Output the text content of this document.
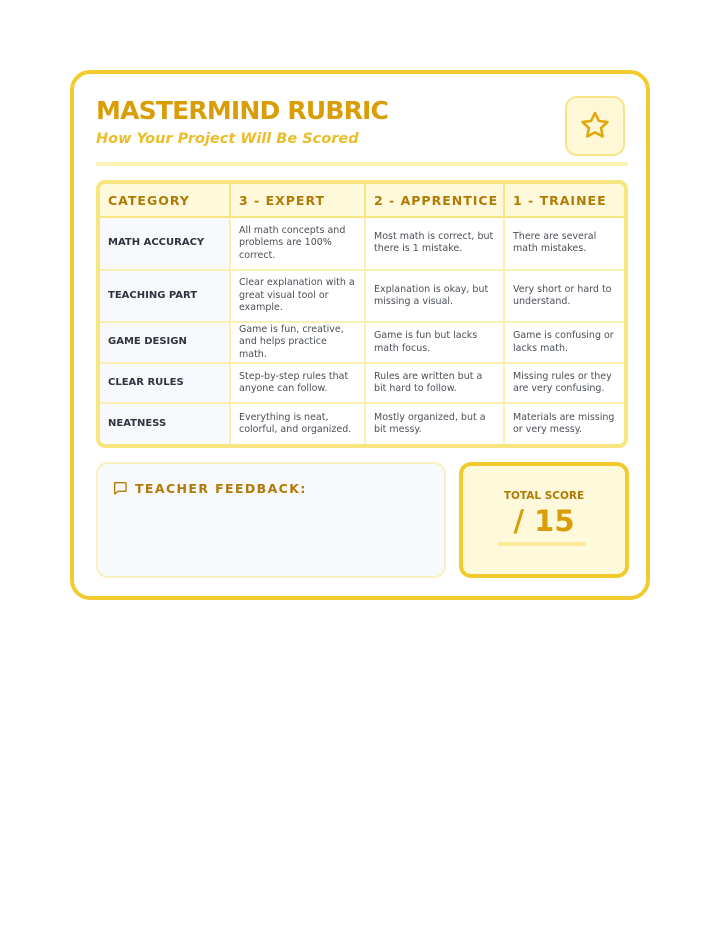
MASTERMIND RUBRIC
How Your Project Will Be Scored
CATEGORY	3 - EXPERT	2 - APPRENTICE	1 - TRAINEE
MATH ACCURACY	All math concepts and problems are 100% correct.	Most math is correct, but there is 1 mistake.	There are several math mistakes.
TEACHING PART	Clear explanation with a great visual tool or example.	Explanation is okay, but missing a visual.	Very short or hard to understand.
GAME DESIGN	Game is fun, creative, and helps practice math.	Game is fun but lacks math focus.	Game is confusing or lacks math.
CLEAR RULES	Step-by-step rules that anyone can follow.	Rules are written but a bit hard to follow.	Missing rules or they are very confusing.
NEATNESS	Everything is neat, colorful, and organized.	Mostly organized, but a bit messy.	Materials are missing or very messy.
TEACHER FEEDBACK:
TOTAL SCORE
/ 15
